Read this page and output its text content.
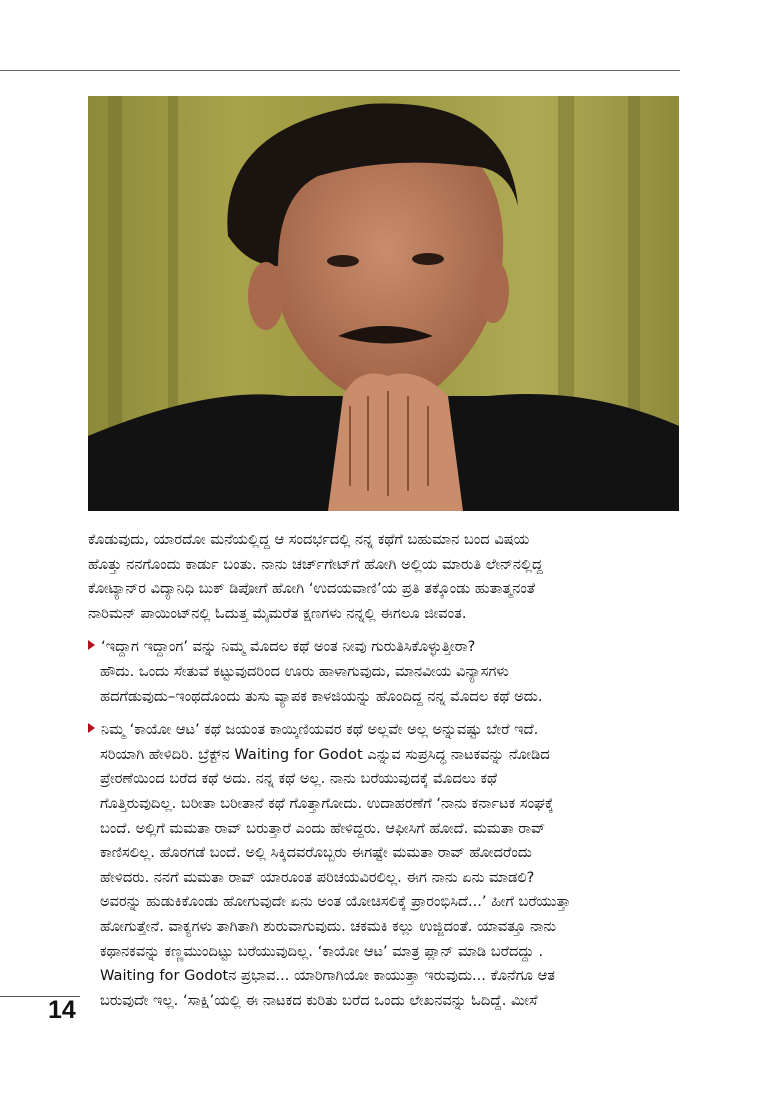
ಕೊಡುವುದು, ಯಾರದೋ ಮನೆಯಲ್ಲಿದ್ದ ಆ ಸಂದರ್ಭದಲ್ಲಿ ನನ್ನ ಕಥೆಗೆ ಬಹುಮಾನ ಬಂದ ವಿಷಯ
ಹೊತ್ತು ನನಗೊಂದು ಕಾರ್ಡು ಬಂತು. ನಾನು ಚರ್ಚ್‌ಗೇಟ್‌ಗೆ ಹೋಗಿ ಅಲ್ಲಿಯ ಮಾರುತಿ ಲೇನ್‌ನಲ್ಲಿದ್ದ
ಕೋಟ್ಯಾನ್‌ರ ವಿದ್ಯಾನಿಧಿ ಬುಕ್ ಡಿಪೋಗೆ ಹೋಗಿ ‘ಉದಯವಾಣಿ’ಯ ಪ್ರತಿ ತಕ್ಕೊಂಡು ಹುತಾತ್ಮನಂತೆ
ನಾರಿಮನ್ ಪಾಯಿಂಟ್‌ನಲ್ಲಿ ಓದುತ್ತ ಮೈಮರೆತ ಕ್ಷಣಗಳು ನನ್ನಲ್ಲಿ ಈಗಲೂ ಜೀವಂತ.

‘ಇದ್ದಾಗ ಇದ್ದಾಂಗ’ ವನ್ನು ನಿಮ್ಮ ಮೊದಲ ಕಥೆ ಅಂತ ನೀವು ಗುರುತಿಸಿಕೊಳ್ಳುತ್ತೀರಾ?

ಹೌದು. ಒಂದು ಸೇತುವೆ ಕಟ್ಟುವುದರಿಂದ ಊರು ಹಾಳಾಗುವುದು, ಮಾನವೀಯ ವಿನ್ಯಾಸಗಳು
ಹದಗೆಡುವುದು–ಇಂಥದೊಂದು ತುಸು ವ್ಯಾಪಕ ಕಾಳಜಿಯನ್ನು ಹೊಂದಿದ್ದ ನನ್ನ ಮೊದಲ ಕಥೆ ಅದು.

ನಿಮ್ಮ ‘ಕಾಯೋ ಆಟ’ ಕಥೆ ಜಯಂತ ಕಾಯ್ಕಿಣಿಯವರ ಕಥೆ ಅಲ್ಲವೇ ಅಲ್ಲ ಅನ್ನುವಷ್ಟು ಬೇರೆ ಇದೆ.

ಸರಿಯಾಗಿ ಹೇಳಿದಿರಿ. ಬ್ರೆಕ್ಟ್‌ನ Waiting for Godot ಎನ್ನುವ ಸುಪ್ರಸಿದ್ಧ ನಾಟಕವನ್ನು ನೋಡಿದ
ಪ್ರೇರಣೆಯಿಂದ ಬರೆದ ಕಥೆ ಅದು. ನನ್ನ ಕಥೆ ಅಲ್ಲ. ನಾನು ಬರೆಯುವುದಕ್ಕೆ ಮೊದಲು ಕಥೆ
ಗೊತ್ತಿರುವುದಿಲ್ಲ. ಬರೀತಾ ಬರೀತಾನೆ ಕಥೆ ಗೊತ್ತಾಗೋದು. ಉದಾಹರಣೆಗೆ ‘ನಾನು ಕರ್ನಾಟಕ ಸಂಘಕ್ಕೆ
ಬಂದೆ. ಅಲ್ಲಿಗೆ ಮಮತಾ ರಾವ್ ಬರುತ್ತಾರೆ ಎಂದು ಹೇಳಿದ್ದರು. ಆಫೀಸಿಗೆ ಹೋದೆ. ಮಮತಾ ರಾವ್
ಕಾಣಿಸಲಿಲ್ಲ. ಹೊರಗಡೆ ಬಂದೆ. ಅಲ್ಲಿ ಸಿಕ್ಕಿದವರೊಬ್ಬರು ಈಗಷ್ಟೇ ಮಮತಾ ರಾವ್ ಹೋದರೆಂದು
ಹೇಳಿದರು. ನನಗೆ ಮಮತಾ ರಾವ್ ಯಾರೂಂತ ಪರಿಚಯವಿರಲಿಲ್ಲ. ಈಗ ನಾನು ಏನು ಮಾಡಲಿ?
ಅವರನ್ನು ಹುಡುಕಿಕೊಂಡು ಹೋಗುವುದೇ ಏನು ಅಂತ ಯೋಚಿಸಲಿಕ್ಕೆ ಪ್ರಾರಂಭಿಸಿದೆ...’ ಹೀಗೆ ಬರೆಯುತ್ತಾ
ಹೋಗುತ್ತೇನೆ. ವಾಕ್ಯಗಳು ತಾಗಿತಾಗಿ ಶುರುವಾಗುವುದು. ಚಕಮಕಿ ಕಲ್ಲು ಉಜ್ಜಿದಂತೆ. ಯಾವತ್ತೂ ನಾನು
ಕಥಾನಕವನ್ನು ಕಣ್ಣಮುಂದಿಟ್ಟು ಬರೆಯುವುದಿಲ್ಲ. ‘ಕಾಯೋ ಆಟ’ ಮಾತ್ರ ಪ್ಲಾನ್ ಮಾಡಿ ಬರೆದದ್ದು .
Waiting for Godotನ ಪ್ರಭಾವ... ಯಾರಿಗಾಗಿಯೋ ಕಾಯುತ್ತಾ ಇರುವುದು... ಕೊನೆಗೂ ಆತ
ಬರುವುದೇ ಇಲ್ಲ. ‘ಸಾಕ್ಷಿ’ಯಲ್ಲಿ ಈ ನಾಟಕದ ಕುರಿತು ಬರೆದ ಒಂದು ಲೇಖನವನ್ನು ಓದಿದ್ದೆ. ಮೀಸೆ

14
